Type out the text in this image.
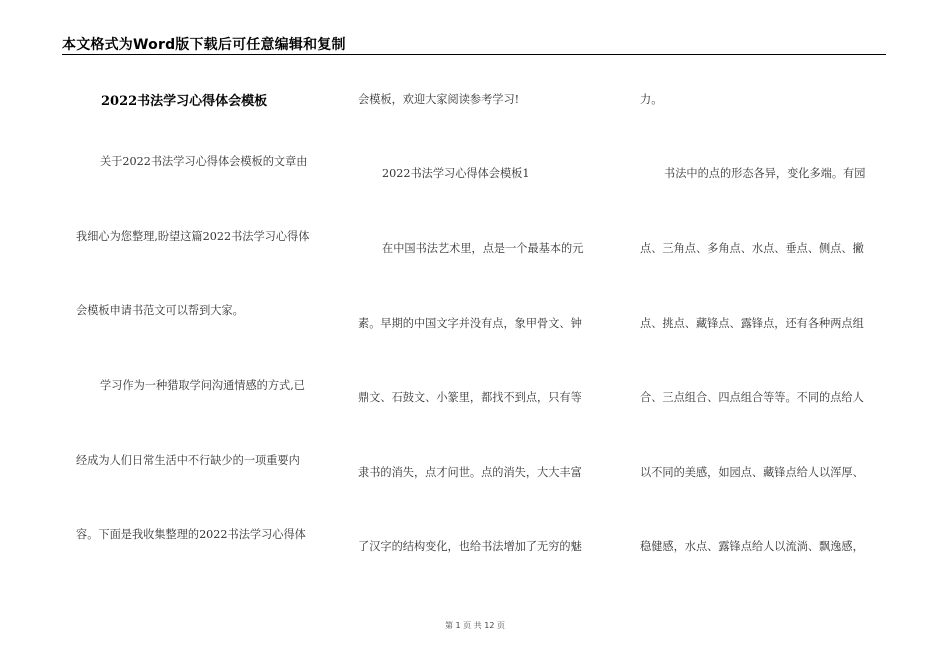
本文格式为Word版下载后可任意编辑和复制
2022书法学习心得体会模板
关于2022书法学习心得体会模板的文章由
我细心为您整理,盼望这篇2022书法学习心得体
会模板申请书范文可以帮到大家。
学习作为一种猎取学问沟通情感的方式,已
经成为人们日常生活中不行缺少的一项重要内
容。下面是我收集整理的2022书法学习心得体
会模板，欢迎大家阅读参考学习!
2022书法学习心得体会模板1
在中国书法艺术里，点是一个最基本的元
素。早期的中国文字并没有点，象甲骨文、钟
鼎文、石鼓文、小篆里，都找不到点，只有等
隶书的消失，点才问世。点的消失，大大丰富
了汉字的结构变化，也给书法增加了无穷的魅
力。
书法中的点的形态各异，变化多端。有园
点、三角点、多角点、水点、垂点、侧点、撇
点、挑点、藏锋点、露锋点，还有各种两点组
合、三点组合、四点组合等等。不同的点给人
以不同的美感，如园点、藏锋点给人以浑厚、
稳健感，水点、露锋点给人以流淌、飘逸感，
第 1 页 共 12 页
